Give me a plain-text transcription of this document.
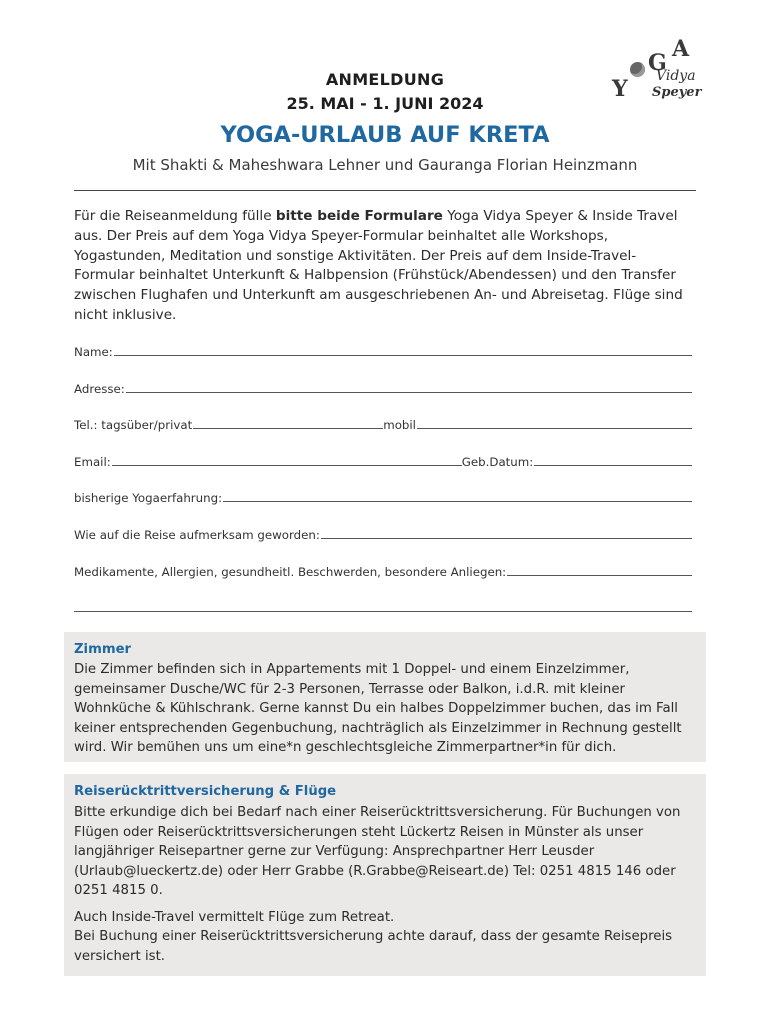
Y
G
A
Vidya
Speyer
ANMELDUNG
25. MAI - 1. JUNI 2024
YOGA-URLAUB AUF KRETA
Mit Shakti & Maheshwara Lehner und Gauranga Florian Heinzmann
Für die Reiseanmeldung fülle bitte beide Formulare Yoga Vidya Speyer & Inside Travel aus. Der Preis auf dem Yoga Vidya Speyer-Formular beinhaltet alle Workshops, Yogastunden, Meditation und sonstige Aktivitäten. Der Preis auf dem Inside-Travel-Formular beinhaltet Unterkunft & Halbpension (Frühstück/Abendessen) und den Transfer zwischen Flughafen und Unterkunft am ausgeschriebenen An- und Abreisetag. Flüge sind nicht inklusive.
Name:
Adresse:
Tel.: tagsüber/privat	mobil
Email:	Geb.Datum:
bisherige Yogaerfahrung:
Wie auf die Reise aufmerksam geworden:
Medikamente, Allergien, gesundheitl. Beschwerden, besondere Anliegen:
Zimmer
Die Zimmer befinden sich in Appartements mit 1 Doppel- und einem Einzelzimmer, gemeinsamer Dusche/WC für 2-3 Personen, Terrasse oder Balkon, i.d.R. mit kleiner Wohnküche & Kühlschrank. Gerne kannst Du ein halbes Doppelzimmer buchen, das im Fall keiner entsprechenden Gegenbuchung, nachträglich als Einzelzimmer in Rechnung gestellt wird. Wir bemühen uns um eine*n geschlechtsgleiche Zimmerpartner*in für dich.
Reiserücktrittversicherung & Flüge
Bitte erkundige dich bei Bedarf nach einer Reiserücktrittsversicherung. Für Buchungen von Flügen oder Reiserücktrittsversicherungen steht Lückertz Reisen in Münster als unser langjähriger Reisepartner gerne zur Verfügung: Ansprechpartner Herr Leusder (Urlaub@lueckertz.de) oder Herr Grabbe (R.Grabbe@Reiseart.de) Tel: 0251 4815 146 oder 0251 4815 0.
Auch Inside-Travel vermittelt Flüge zum Retreat.
Bei Buchung einer Reiserücktrittsversicherung achte darauf, dass der gesamte Reisepreis versichert ist.
